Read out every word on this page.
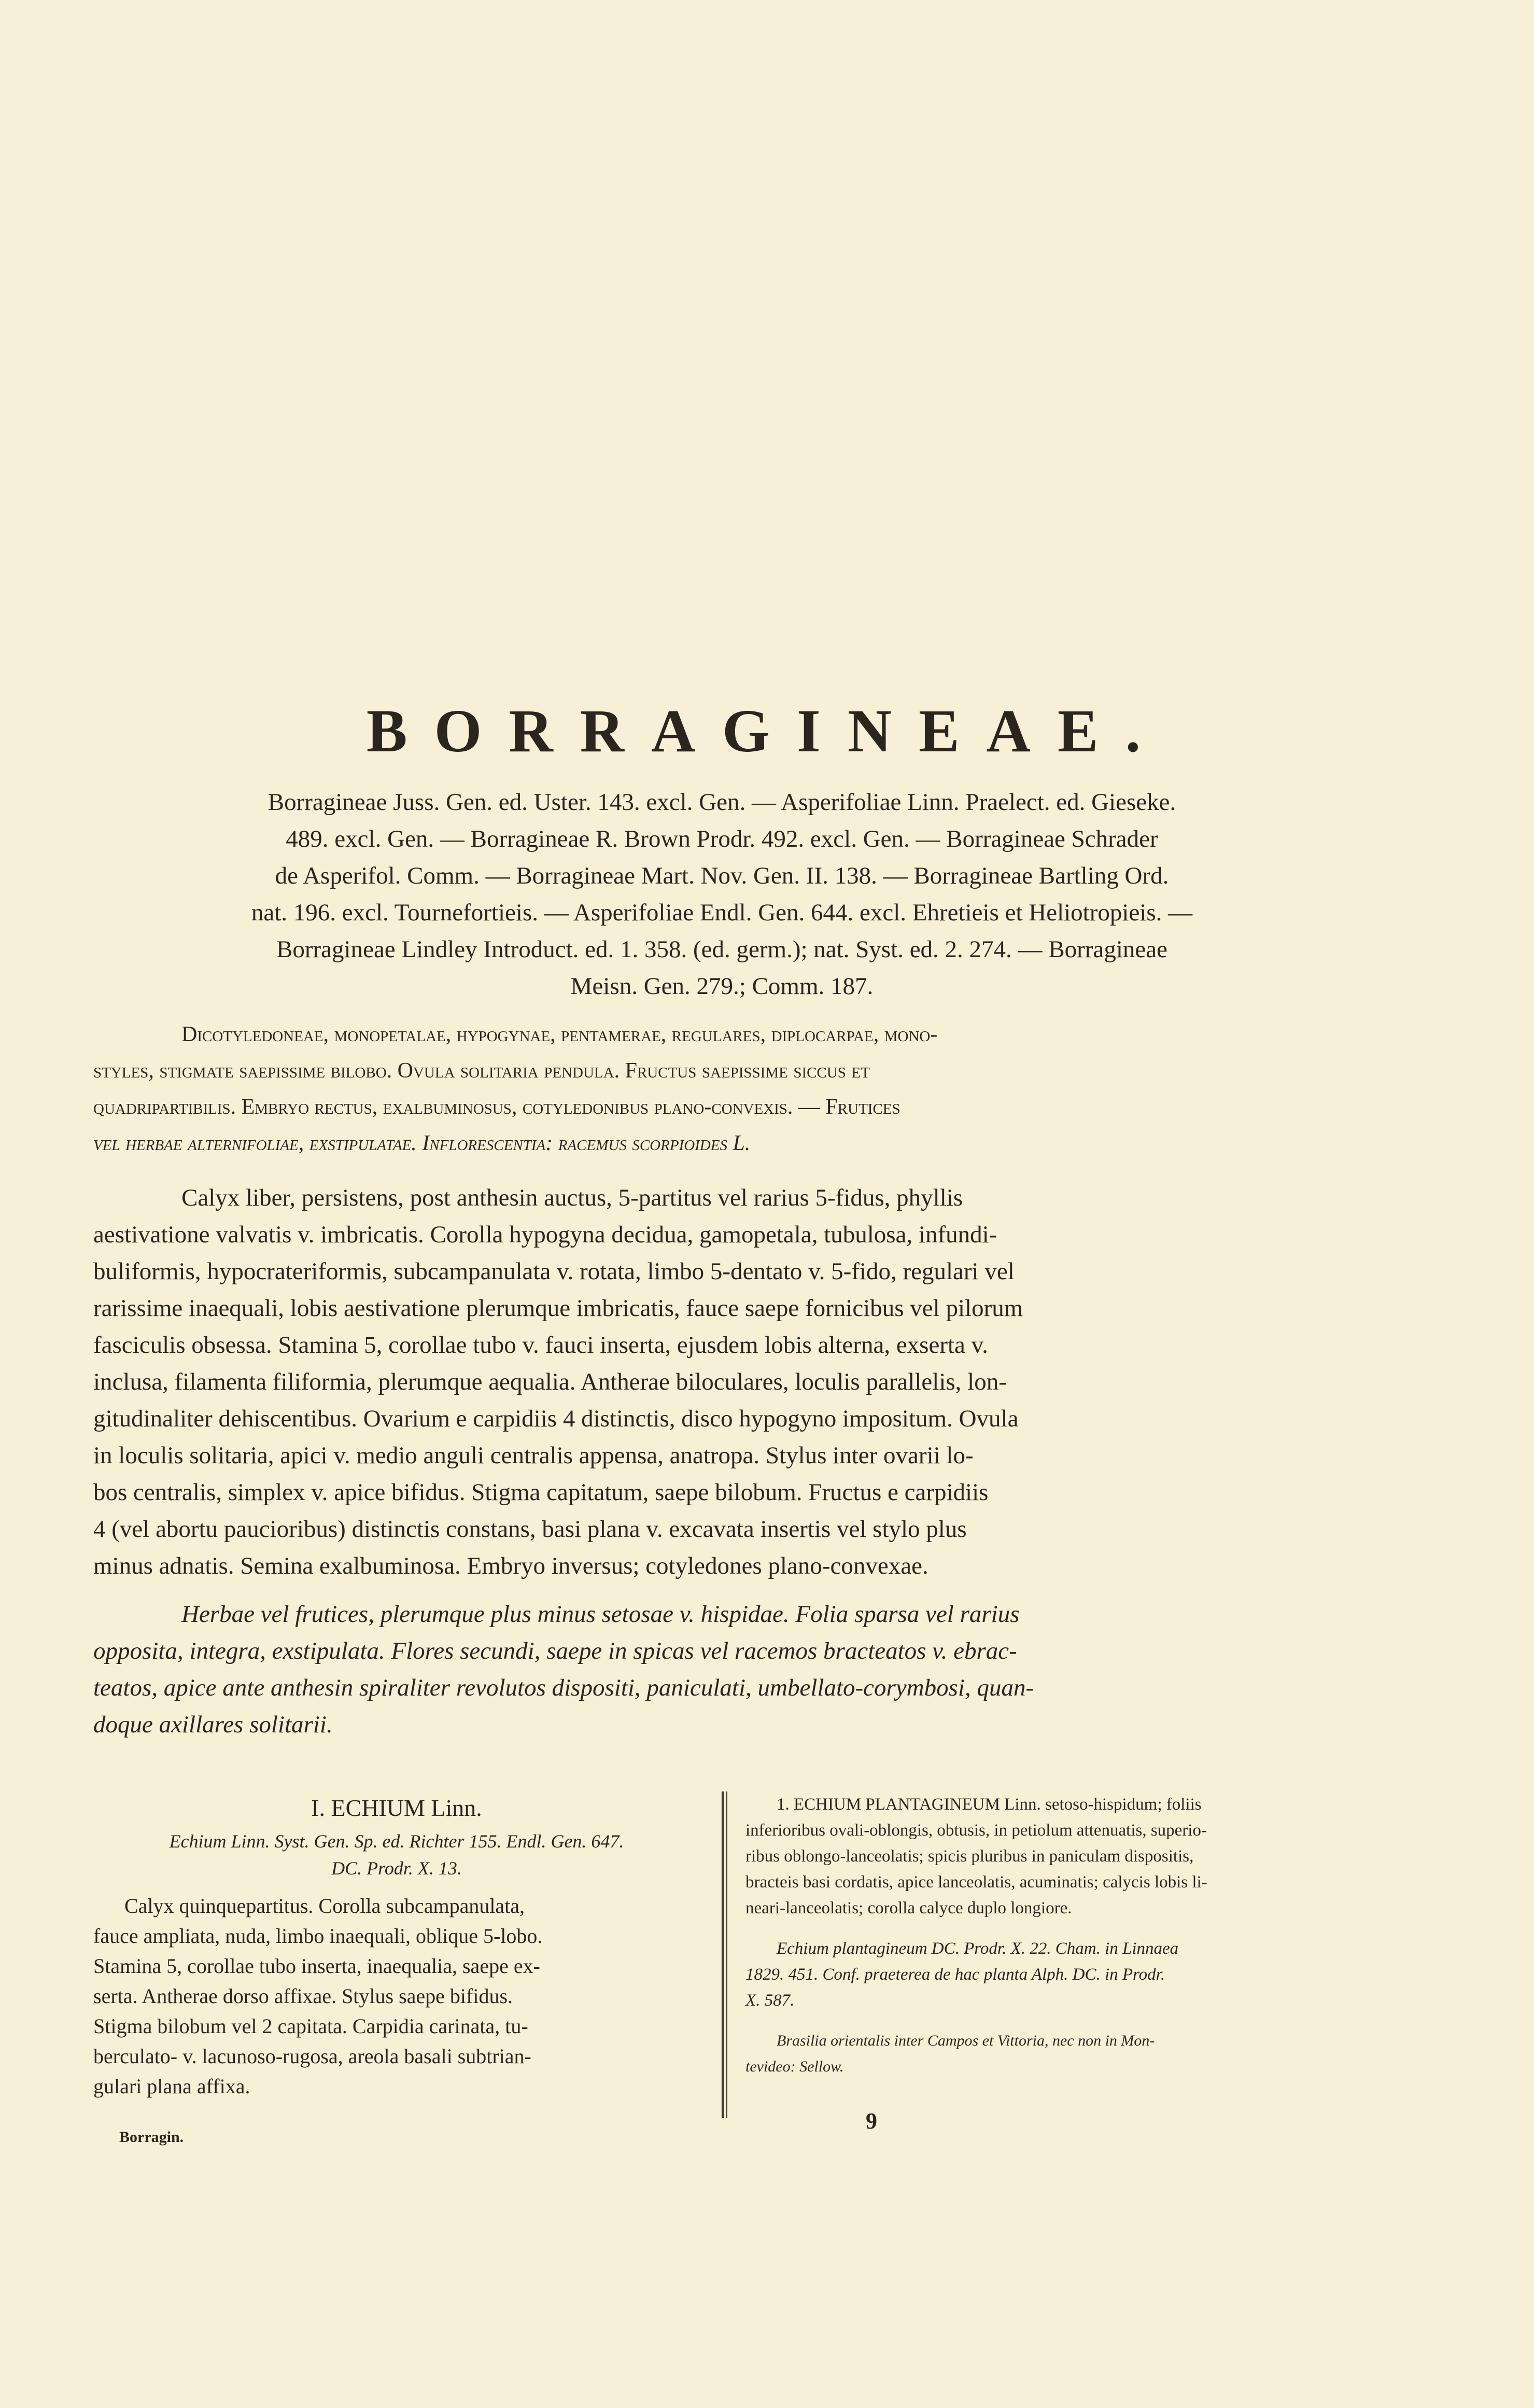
BORRAGINEAE.
Borragineae Juss. Gen. ed. Uster. 143. excl. Gen. — Asperifoliae Linn. Praelect. ed. Gieseke.
489. excl. Gen. — Borragineae R. Brown Prodr. 492. excl. Gen. — Borragineae Schrader
de Asperifol. Comm. — Borragineae Mart. Nov. Gen. II. 138. — Borragineae Bartling Ord.
nat. 196. excl. Tournefortieis. — Asperifoliae Endl. Gen. 644. excl. Ehretieis et Heliotropieis. —
Borragineae Lindley Introduct. ed. 1. 358. (ed. germ.); nat. Syst. ed. 2. 274. — Borragineae
Meisn. Gen. 279.; Comm. 187.
Dicotyledoneae, monopetalae, hypogynae, pentamerae, regulares, diplocarpae, mono-
styles, stigmate saepissime bilobo. Ovula solitaria pendula. Fructus saepissime siccus et
quadripartibilis. Embryo rectus, exalbuminosus, cotyledonibus plano-convexis. — Frutices
vel herbae alternifoliae, exstipulatae. Inflorescentia: racemus scorpioides L.
Calyx liber, persistens, post anthesin auctus, 5-partitus vel rarius 5-fidus, phyllis
aestivatione valvatis v. imbricatis. Corolla hypogyna decidua, gamopetala, tubulosa, infundi-
buliformis, hypocrateriformis, subcampanulata v. rotata, limbo 5-dentato v. 5-fido, regulari vel
rarissime inaequali, lobis aestivatione plerumque imbricatis, fauce saepe fornicibus vel pilorum
fasciculis obsessa. Stamina 5, corollae tubo v. fauci inserta, ejusdem lobis alterna, exserta v.
inclusa, filamenta filiformia, plerumque aequalia. Antherae biloculares, loculis parallelis, lon-
gitudinaliter dehiscentibus. Ovarium e carpidiis 4 distinctis, disco hypogyno impositum. Ovula
in loculis solitaria, apici v. medio anguli centralis appensa, anatropa. Stylus inter ovarii lo-
bos centralis, simplex v. apice bifidus. Stigma capitatum, saepe bilobum. Fructus e carpidiis
4 (vel abortu paucioribus) distinctis constans, basi plana v. excavata insertis vel stylo plus
minus adnatis. Semina exalbuminosa. Embryo inversus; cotyledones plano-convexae.
Herbae vel frutices, plerumque plus minus setosae v. hispidae. Folia sparsa vel rarius
opposita, integra, exstipulata. Flores secundi, saepe in spicas vel racemos bracteatos v. ebrac-
teatos, apice ante anthesin spiraliter revolutos dispositi, paniculati, umbellato-corymbosi, quan-
doque axillares solitarii.
I. ECHIUM Linn.
Echium Linn. Syst. Gen. Sp. ed. Richter 155. Endl. Gen. 647.
DC. Prodr. X. 13.
Calyx quinquepartitus. Corolla subcampanulata,
fauce ampliata, nuda, limbo inaequali, oblique 5-lobo.
Stamina 5, corollae tubo inserta, inaequalia, saepe ex-
serta. Antherae dorso affixae. Stylus saepe bifidus.
Stigma bilobum vel 2 capitata. Carpidia carinata, tu-
berculato- v. lacunoso-rugosa, areola basali subtrian-
gulari plana affixa.
1. ECHIUM PLANTAGINEUM Linn. setoso-hispidum; foliis
inferioribus ovali-oblongis, obtusis, in petiolum attenuatis, superio-
ribus oblongo-lanceolatis; spicis pluribus in paniculam dispositis,
bracteis basi cordatis, apice lanceolatis, acuminatis; calycis lobis li-
neari-lanceolatis; corolla calyce duplo longiore.
Echium plantagineum DC. Prodr. X. 22. Cham. in Linnaea
1829. 451. Conf. praeterea de hac planta Alph. DC. in Prodr.
X. 587.
Brasilia orientalis inter Campos et Vittoria, nec non in Mon-
tevideo: Sellow.
Borragin.
9
